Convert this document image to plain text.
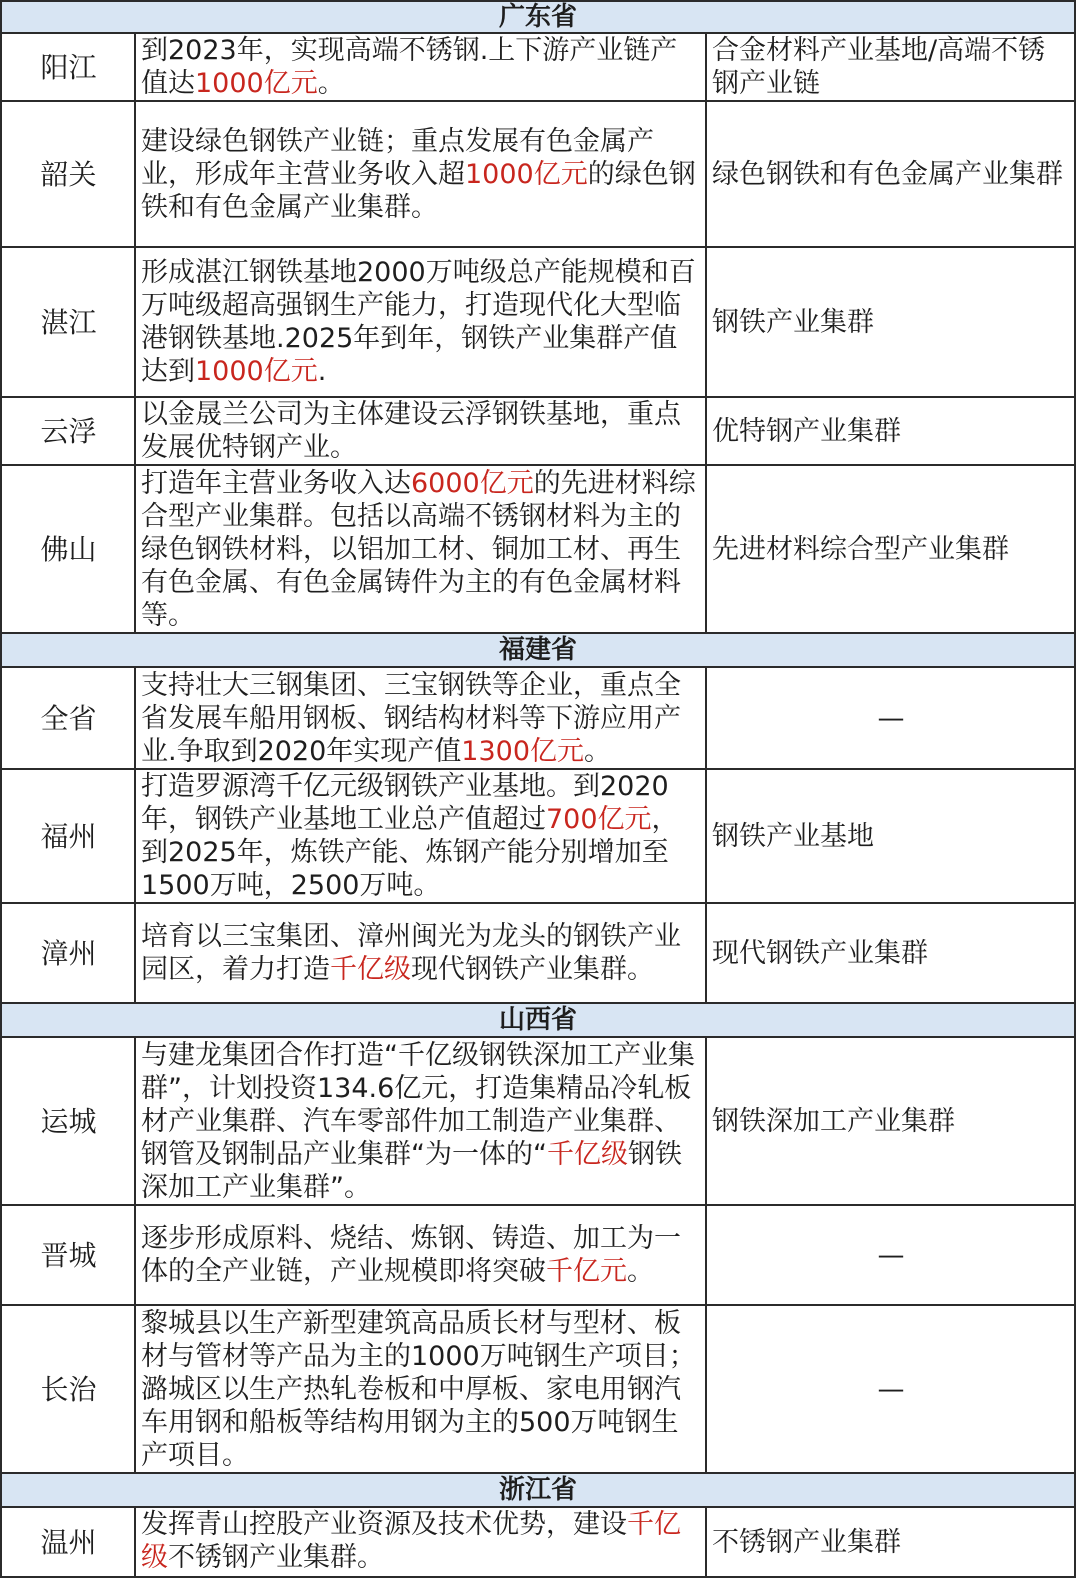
广东省		
阳江	到2023年，实现高端不锈钢.上下游产业链产值达1000亿元。	合金材料产业基地/高端不锈钢产业链
韶关	建设绿色钢铁产业链；重点发展有色金属产业，形成年主营业务收入超1000亿元的绿色钢铁和有色金属产业集群。	绿色钢铁和有色金属产业集群
湛江	形成湛江钢铁基地2000万吨级总产能规模和百万吨级超高强钢生产能力，打造现代化大型临港钢铁基地.2025年到年，钢铁产业集群产值达到1000亿元.	钢铁产业集群
云浮	以金晟兰公司为主体建设云浮钢铁基地，重点发展优特钢产业。	优特钢产业集群
佛山	打造年主营业务收入达6000亿元的先进材料综合型产业集群。包括以高端不锈钢材料为主的绿色钢铁材料，以铝加工材、铜加工材、再生有色金属、有色金属铸件为主的有色金属材料等。	先进材料综合型产业集群
福建省		
全省	支持壮大三钢集团、三宝钢铁等企业，重点全省发展车船用钢板、钢结构材料等下游应用产业.争取到2020年实现产值1300亿元。	—
福州	打造罗源湾千亿元级钢铁产业基地。到2020年，钢铁产业基地工业总产值超过700亿元，到2025年，炼铁产能、炼钢产能分别增加至1500万吨，2500万吨。	钢铁产业基地
漳州	培育以三宝集团、漳州闽光为龙头的钢铁产业园区，着力打造千亿级现代钢铁产业集群。	现代钢铁产业集群
山西省		
运城	与建龙集团合作打造“千亿级钢铁深加工产业集群”，计划投资134.6亿元，打造集精品冷轧板材产业集群、汽车零部件加工制造产业集群、钢管及钢制品产业集群“为一体的“千亿级钢铁深加工产业集群”。	钢铁深加工产业集群
晋城	逐步形成原料、烧结、炼钢、铸造、加工为一体的全产业链，产业规模即将突破千亿元。	—
长治	黎城县以生产新型建筑高品质长材与型材、板材与管材等产品为主的1000万吨钢生产项目；潞城区以生产热轧卷板和中厚板、家电用钢汽车用钢和船板等结构用钢为主的500万吨钢生产项目。	—
浙江省		
温州	发挥青山控股产业资源及技术优势，建设千亿级不锈钢产业集群。	不锈钢产业集群
